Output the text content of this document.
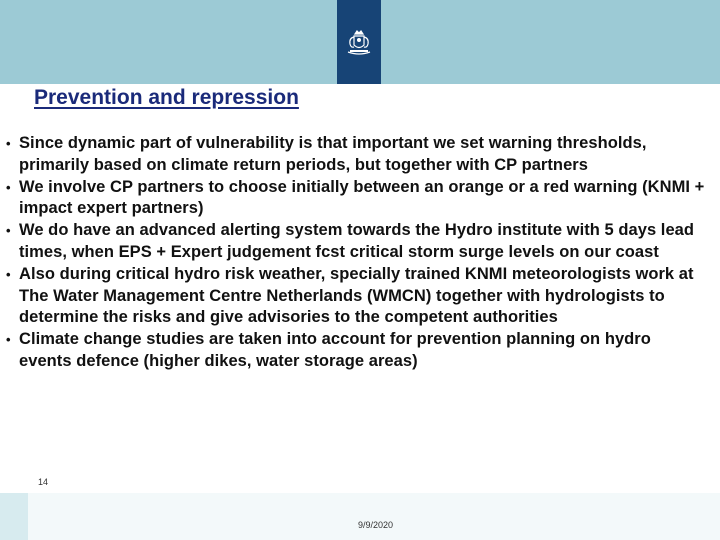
Prevention and repression
• Since dynamic part of vulnerability is that important we set warning thresholds, primarily based on climate return periods, but together with CP partners
• We involve CP partners to choose initially between an orange or a red warning (KNMI + impact expert partners)
• We do have an advanced alerting system towards the Hydro institute with 5 days lead times, when EPS + Expert judgement fcst critical storm surge levels on our coast
• Also during critical hydro risk weather, specially trained KNMI meteorologists work at The Water Management Centre Netherlands (WMCN) together with hydrologists to determine the risks and give advisories to the competent authorities
• Climate change studies are taken into account for prevention planning on hydro events defence (higher dikes, water storage areas)

14

9/9/2020
